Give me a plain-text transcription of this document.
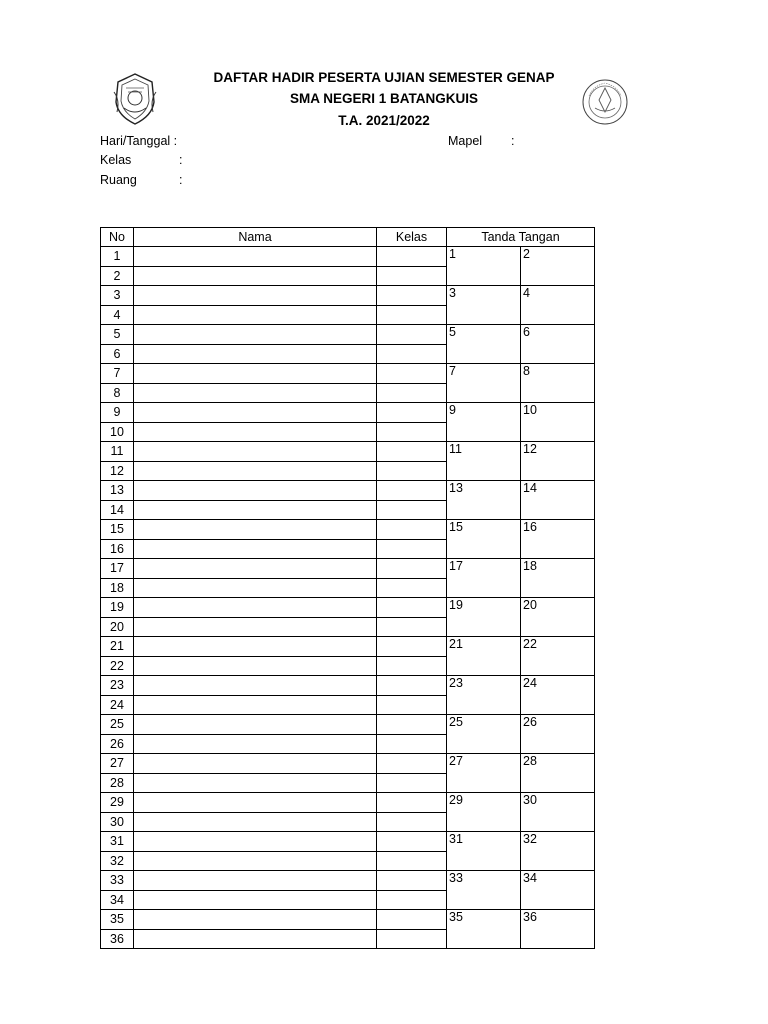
DAFTAR HADIR PESERTA UJIAN SEMESTER GENAP
SMA NEGERI 1 BATANGKUIS
T.A. 2021/2022
Hari/Tanggal :
Kelas	:
Ruang	:
Mapel :
No	Nama	Kelas	Tanda Tangan	
1			1	2
2				
3			3	4
4				
5			5	6
6				
7			7	8
8				
9			9	10
10				
11			11	12
12				
13			13	14
14				
15			15	16
16				
17			17	18
18				
19			19	20
20				
21			21	22
22				
23			23	24
24				
25			25	26
26				
27			27	28
28				
29			29	30
30				
31			31	32
32				
33			33	34
34				
35			35	36
36				
